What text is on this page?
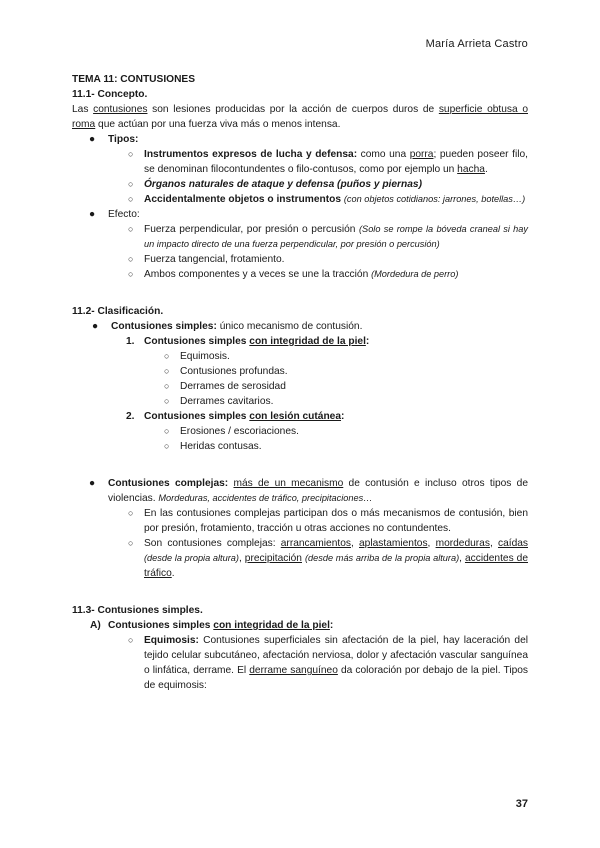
María Arrieta Castro

TEMA 11: CONTUSIONES

11.1- Concepto.

Las contusiones son lesiones producidas por la acción de cuerpos duros de superficie obtusa o roma que actúan por una fuerza viva más o menos intensa.

● Tipos:
○ Instrumentos expresos de lucha y defensa: como una porra; pueden poseer filo, se denominan filocontundentes o filo-contusos, como por ejemplo un hacha.
○ Órganos naturales de ataque y defensa (puños y piernas)
○ Accidentalmente objetos o instrumentos (con objetos cotidianos: jarrones, botellas…)
● Efecto:
○ Fuerza perpendicular, por presión o percusión (Solo se rompe la bóveda craneal si hay un impacto directo de una fuerza perpendicular, por presión o percusión)
○ Fuerza tangencial, frotamiento.
○ Ambos componentes y a veces se une la tracción (Mordedura de perro)

11.2- Clasificación.

● Contusiones simples: único mecanismo de contusión.
1. Contusiones simples con integridad de la piel:
○ Equimosis.
○ Contusiones profundas.
○ Derrames de serosidad
○ Derrames cavitarios.
2. Contusiones simples con lesión cutánea:
○ Erosiones / escoriaciones.
○ Heridas contusas.
● Contusiones complejas: más de un mecanismo de contusión e incluso otros tipos de violencias. Mordeduras, accidentes de tráfico, precipitaciones…
○ En las contusiones complejas participan dos o más mecanismos de contusión, bien por presión, frotamiento, tracción u otras acciones no contundentes.
○ Son contusiones complejas: arrancamientos, aplastamientos, mordeduras, caídas (desde la propia altura), precipitación (desde más arriba de la propia altura), accidentes de tráfico.

11.3- Contusiones simples.

A) Contusiones simples con integridad de la piel:
○ Equimosis: Contusiones superficiales sin afectación de la piel, hay laceración del tejido celular subcutáneo, afectación nerviosa, dolor y afectación vascular sanguínea o linfática, derrame. El derrame sanguíneo da coloración por debajo de la piel. Tipos de equimosis:
37
